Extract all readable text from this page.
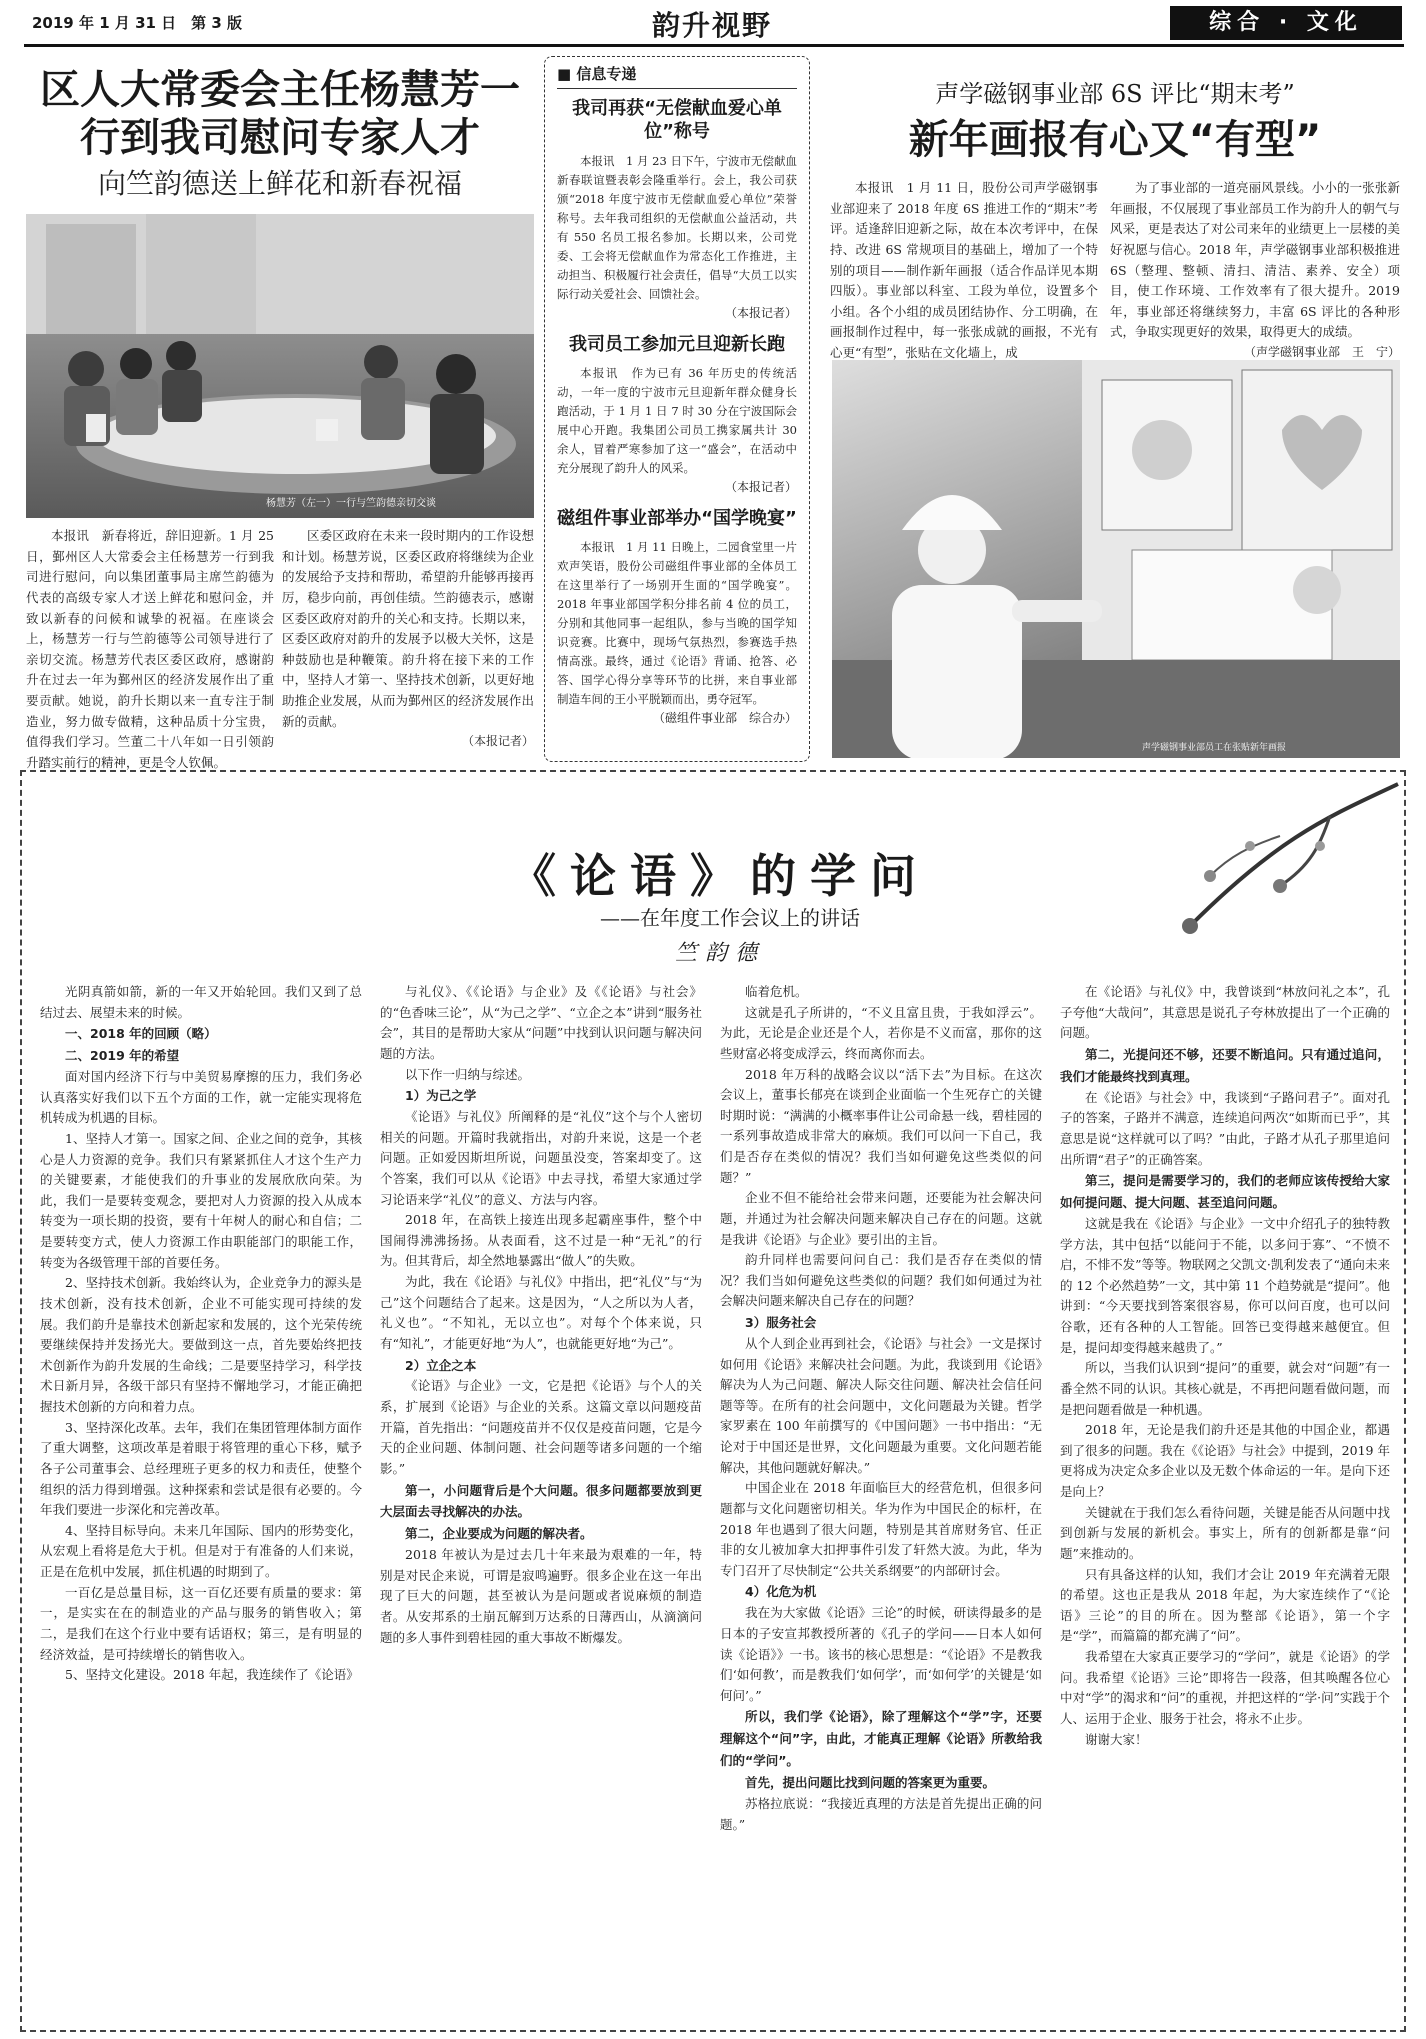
2019 年 1 月 31 日　第 3 版	韵升视野	综合 · 文化
区人大常委会主任杨慧芳一行到我司慰问专家人才
向竺韵德送上鲜花和新春祝福
杨慧芳（左一）一行与竺韵德亲切交谈

本报讯　新春将近，辞旧迎新。1 月 25 日，鄞州区人大常委会主任杨慧芳一行到我司进行慰问，向以集团董事局主席竺韵德为代表的高级专家人才送上鲜花和慰问金，并致以新春的问候和诚挚的祝福。在座谈会上，杨慧芳一行与竺韵德等公司领导进行了亲切交流。杨慧芳代表区委区政府，感谢韵升在过去一年为鄞州区的经济发展作出了重要贡献。她说，韵升长期以来一直专注于制造业，努力做专做精，这种品质十分宝贵，值得我们学习。竺董二十八年如一日引领韵升踏实前行的精神，更是令人钦佩。

区委区政府在未来一段时期内的工作设想和计划。杨慧芳说，区委区政府将继续为企业的发展给予支持和帮助，希望韵升能够再接再厉，稳步向前，再创佳绩。竺韵德表示，感谢区委区政府对韵升的关心和支持。长期以来，区委区政府对韵升的发展予以极大关怀，这是种鼓励也是种鞭策。韵升将在接下来的工作中，坚持人才第一、坚持技术创新，以更好地助推企业发展，从而为鄞州区的经济发展作出新的贡献。

（本报记者）
■ 信息专递
我司再获“无偿献血爱心单位”称号

本报讯　1 月 23 日下午，宁波市无偿献血新春联谊暨表彰会隆重举行。会上，我公司获颁“2018 年度宁波市无偿献血爱心单位”荣誉称号。去年我司组织的无偿献血公益活动，共有 550 名员工报名参加。长期以来，公司党委、工会将无偿献血作为常态化工作推进，主动担当、积极履行社会责任，倡导“大员工以实际行动关爱社会、回馈社会。

（本报记者）
我司员工参加元旦迎新长跑

本报讯　作为已有 36 年历史的传统活动，一年一度的宁波市元旦迎新年群众健身长跑活动，于 1 月 1 日 7 时 30 分在宁波国际会展中心开跑。我集团公司员工携家属共计 30 余人，冒着严寒参加了这一“盛会”，在活动中充分展现了韵升人的风采。

（本报记者）
磁组件事业部举办“国学晚宴”

本报讯　1 月 11 日晚上，二园食堂里一片欢声笑语，股份公司磁组件事业部的全体员工在这里举行了一场别开生面的“国学晚宴”。2018 年事业部国学积分排名前 4 位的员工，分别和其他同事一起组队，参与当晚的国学知识竞赛。比赛中，现场气氛热烈，参赛选手热情高涨。最终，通过《论语》背诵、抢答、必答、国学心得分享等环节的比拼，来自事业部制造车间的王小平脱颖而出，勇夺冠军。

（磁组件事业部　综合办）
声学磁钢事业部 6S 评比“期末考”
新年画报有心又“有型”

本报讯　1 月 11 日，股份公司声学磁钢事业部迎来了 2018 年度 6S 推进工作的“期末”考评。适逢辞旧迎新之际，故在本次考评中，在保持、改进 6S 常规项目的基础上，增加了一个特别的项目——制作新年画报（适合作品详见本期四版）。事业部以科室、工段为单位，设置多个小组。各个小组的成员团结协作、分工明确，在画报制作过程中，每一张张成就的画报，不光有心更“有型”，张贴在文化墙上，成

为了事业部的一道亮丽风景线。小小的一张张新年画报，不仅展现了事业部员工作为韵升人的朝气与风采，更是表达了对公司来年的业绩更上一层楼的美好祝愿与信心。2018 年，声学磁钢事业部积极推进 6S（整理、整顿、清扫、清洁、素养、安全）项目，使工作环境、工作效率有了很大提升。2019 年，事业部还将继续努力，丰富 6S 评比的各种形式，争取实现更好的效果，取得更大的成绩。

（声学磁钢事业部　王　宁）
声学磁钢事业部员工在张贴新年画报
《论语》的学问
——在年度工作会议上的讲话
竺韵德

光阴真箭如箭，新的一年又开始轮回。我们又到了总结过去、展望未来的时候。

一、2018 年的回顾（略）

二、2019 年的希望

面对国内经济下行与中美贸易摩擦的压力，我们务必认真落实好我们以下五个方面的工作，就一定能实现将危机转成为机遇的目标。

1、坚持人才第一。国家之间、企业之间的竞争，其核心是人力资源的竞争。我们只有紧紧抓住人才这个生产力的关键要素，才能使我们的升事业的发展欣欣向荣。为此，我们一是要转变观念，要把对人力资源的投入从成本转变为一项长期的投资，要有十年树人的耐心和自信；二是要转变方式，使人力资源工作由职能部门的职能工作，转变为各级管理干部的首要任务。

2、坚持技术创新。我始终认为，企业竞争力的源头是技术创新，没有技术创新，企业不可能实现可持续的发展。我们韵升是靠技术创新起家和发展的，这个光荣传统要继续保持并发扬光大。要做到这一点，首先要始终把技术创新作为韵升发展的生命线；二是要坚持学习，科学技术日新月异，各级干部只有坚持不懈地学习，才能正确把握技术创新的方向和着力点。

3、坚持深化改革。去年，我们在集团管理体制方面作了重大调整，这项改革是着眼于将管理的重心下移，赋予各子公司董事会、总经理班子更多的权力和责任，使整个组织的活力得到增强。这种探索和尝试是很有必要的。今年我们要进一步深化和完善改革。

4、坚持目标导向。未来几年国际、国内的形势变化，从宏观上看将是危大于机。但是对于有准备的人们来说，正是在危机中发展，抓住机遇的时期到了。

一百亿是总量目标，这一百亿还要有质量的要求：第一，是实实在在的制造业的产品与服务的销售收入；第二，是我们在这个行业中要有话语权；第三，是有明显的经济效益，是可持续增长的销售收入。

5、坚持文化建设。2018 年起，我连续作了《论语》

与礼仪》、《《论语》与企业》及《《论语》与社会》的“色香味三论”，从“为己之学”、“立企之本”讲到“服务社会”，其目的是帮助大家从“问题”中找到认识问题与解决问题的方法。

以下作一归纳与综述。

1）为己之学

《论语》与礼仪》所阐释的是“礼仪”这个与个人密切相关的问题。开篇时我就指出，对韵升来说，这是一个老问题。正如爱因斯坦所说，问题虽没变，答案却变了。这个答案，我们可以从《论语》中去寻找，希望大家通过学习论语来学“礼仪”的意义、方法与内容。

2018 年，在高铁上接连出现多起霸座事件，整个中国闹得沸沸扬扬。从表面看，这不过是一种“无礼”的行为。但其背后，却全然地暴露出“做人”的失败。

为此，我在《论语》与礼仪》中指出，把“礼仪”与“为己”这个问题结合了起来。这是因为，“人之所以为人者，礼义也”。“不知礼，无以立也”。对每个个体来说，只有“知礼”，才能更好地“为人”，也就能更好地“为己”。

2）立企之本

《论语》与企业》一文，它是把《论语》与个人的关系，扩展到《论语》与企业的关系。这篇文章以问题疫苗开篇，首先指出：“问题疫苗并不仅仅是疫苗问题，它是今天的企业问题、体制问题、社会问题等诸多问题的一个缩影。”

第一，小问题背后是个大问题。很多问题都要放到更大层面去寻找解决的办法。

第二，企业要成为问题的解决者。

2018 年被认为是过去几十年来最为艰难的一年，特别是对民企来说，可谓是寂鸣遍野。很多企业在这一年出现了巨大的问题，甚至被认为是问题或者说麻烦的制造者。从安邦系的土崩瓦解到万达系的日薄西山，从滴滴问题的多人事件到碧桂园的重大事故不断爆发。

临着危机。

这就是孔子所讲的，“不义且富且贵，于我如浮云”。为此，无论是企业还是个人，若你是不义而富，那你的这些财富必将变成浮云，终而离你而去。

2018 年万科的战略会议以“活下去”为目标。在这次会议上，董事长郁亮在谈到企业面临一个生死存亡的关键时期时说：“满满的小概率事件让公司命悬一线，碧桂园的一系列事故造成非常大的麻烦。我们可以问一下自己，我们是否存在类似的情况？我们当如何避免这些类似的问题？”

企业不但不能给社会带来问题，还要能为社会解决问题，并通过为社会解决问题来解决自己存在的问题。这就是我讲《论语》与企业》要引出的主旨。

韵升同样也需要问问自己：我们是否存在类似的情况？我们当如何避免这些类似的问题？我们如何通过为社会解决问题来解决自己存在的问题？

3）服务社会

从个人到企业再到社会，《论语》与社会》一文是探讨如何用《论语》来解决社会问题。为此，我谈到用《论语》解决为人为己问题、解决人际交往问题、解决社会信任问题等等。在所有的社会问题中，文化问题最为关键。哲学家罗素在 100 年前撰写的《中国问题》一书中指出：“无论对于中国还是世界，文化问题最为重要。文化问题若能解决，其他问题就好解决。”

中国企业在 2018 年面临巨大的经营危机，但很多问题都与文化问题密切相关。华为作为中国民企的标杆，在 2018 年也遇到了很大问题，特别是其首席财务官、任正非的女儿被加拿大扣押事件引发了轩然大波。为此，华为专门召开了尽快制定“公共关系纲要”的内部研讨会。

4）化危为机

我在为大家做《论语》三论”的时候，研读得最多的是日本的子安宣邦教授所著的《孔子的学问——日本人如何读《论语》》一书。该书的核心思想是：“《论语》不是教我们‘如何教’，而是教我们‘如何学’，而‘如何学’的关键是‘如何问’。”

所以，我们学《论语》，除了理解这个“学”字，还要理解这个“问”字，由此，才能真正理解《论语》所教给我们的“学问”。

首先，提出问题比找到问题的答案更为重要。

苏格拉底说：“我接近真理的方法是首先提出正确的问题。”

在《论语》与礼仪》中，我曾谈到“林放问礼之本”，孔子夸他“大哉问”，其意思是说孔子夸林放提出了一个正确的问题。

第二，光提问还不够，还要不断追问。只有通过追问，我们才能最终找到真理。

在《论语》与社会》中，我谈到“子路问君子”。面对孔子的答案，子路并不满意，连续追问两次“如斯而已乎”，其意思是说“这样就可以了吗？”由此，子路才从孔子那里追问出所谓“君子”的正确答案。

第三，提问是需要学习的，我们的老师应该传授给大家如何提问题、提大问题、甚至追问问题。

这就是我在《论语》与企业》一文中介绍孔子的独特教学方法，其中包括“以能问于不能，以多问于寡”、“不愤不启，不悱不发”等等。物联网之父凯文·凯利发表了“通向未来的 12 个必然趋势”一文，其中第 11 个趋势就是“提问”。他讲到：“今天要找到答案很容易，你可以问百度，也可以问谷歌，还有各种的人工智能。回答已变得越来越便宜。但是，提问却变得越来越贵了。”

所以，当我们认识到“提问”的重要，就会对“问题”有一番全然不同的认识。其核心就是，不再把问题看做问题，而是把问题看做是一种机遇。

2018 年，无论是我们韵升还是其他的中国企业，都遇到了很多的问题。我在《《论语》与社会》中提到，2019 年更将成为决定众多企业以及无数个体命运的一年。是向下还是向上？

关键就在于我们怎么看待问题，关键是能否从问题中找到创新与发展的新机会。事实上，所有的创新都是靠“问题”来推动的。

只有具备这样的认知，我们才会让 2019 年充满着无限的希望。这也正是我从 2018 年起，为大家连续作了“《论语》三论”的目的所在。因为整部《论语》，第一个字是“学”，而篇篇的都充满了“问”。

我希望在大家真正要学习的“学问”，就是《论语》的学问。我希望《论语》三论”即将告一段落，但其唤醒各位心中对“学”的渴求和“问”的重视，并把这样的“学·问”实践于个人、运用于企业、服务于社会，将永不止步。

谢谢大家！
